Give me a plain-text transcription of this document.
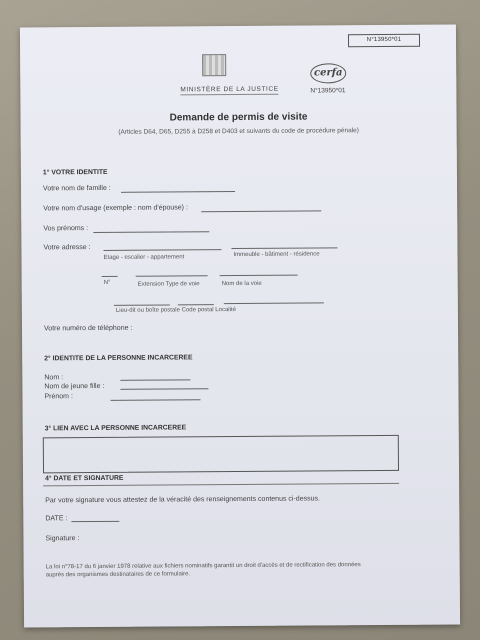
N°13950*01
MINISTÈRE DE LA JUSTICE
cerfa
N°13950*01
Demande de permis de visite
(Articles D64, D65, D255 à D258 et D403 et suivants du code de procédure pénale)
1° VOTRE IDENTITE
Votre nom de famille :
Votre nom d'usage (exemple : nom d'épouse) :
Vos prénoms :
Votre adresse :
Etage - escalier - appartement	Immeuble - bâtiment - résidence
N°	Extension Type de voie	Nom de la voie
Lieu-dit ou boîte postale Code postal Localité
Votre numéro de téléphone :
2° IDENTITE DE LA PERSONNE INCARCEREE
Nom :
Nom de jeune fille :
Prénom :
3° LIEN AVEC LA PERSONNE INCARCEREE
4° DATE ET SIGNATURE
Par votre signature vous attestez de la véracité des renseignements contenus ci-dessus.
DATE :
Signature :
La loi n°78-17 du 6 janvier 1978 relative aux fichiers nominatifs garantit un droit d'accès et de rectification des données
auprès des organismes destinataires de ce formulaire.
